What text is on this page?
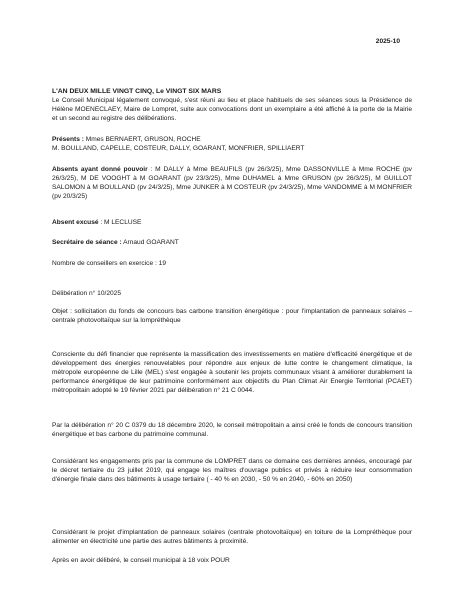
2025-10

L'AN DEUX MILLE VINGT CINQ, Le VINGT SIX MARS
Le Conseil Municipal légalement convoqué, s'est réuni au lieu et place habituels de ses séances sous la Présidence de Hélène MOENECLAEY, Maire de Lompret, suite aux convocations dont un exemplaire a été affiché à la porte de la Mairie et un second au registre des délibérations.

Présents : Mmes BERNAERT, GRUSON, ROCHE
M. BOULLAND, CAPELLE, COSTEUR, DALLY, GOARANT, MONFRIER, SPILLIAERT

Absents ayant donné pouvoir : M DALLY à Mme BEAUFILS (pv 26/3/25), Mme DASSONVILLE à Mme ROCHE (pv 26/3/25), M DE VOOGHT à M GOARANT (pv 23/3/25), Mme DUHAMEL à Mme GRUSON (pv 26/3/25), M GUILLOT SALOMON à M BOULLAND (pv 24/3/25), Mme JUNKER à M COSTEUR (pv 24/3/25), Mme VANDOMME à M MONFRIER (pv 20/3/25)

Absent excusé : M LECLUSE

Secrétaire de séance : Arnaud GOARANT

Nombre de conseillers en exercice : 19

Délibération n° 10/2025

Objet : sollicitation du fonds de concours bas carbone transition énergétique : pour l'implantation de panneaux solaires – centrale photovoltaïque sur la lompréthèque

Consciente du défi financier que représente la massification des investissements en matière d'efficacité énergétique et de développement des énergies renouvelables pour répondre aux enjeux de lutte contre le changement climatique, la métropole européenne de Lille (MEL) s'est engagée à soutenir les projets communaux visant à améliorer durablement la performance énergétique de leur patrimoine conformément aux objectifs du Plan Climat Air Energie Territorial (PCAET) métropolitain adopté le 19 février 2021 par délibération n° 21 C 0044.

Par la délibération n° 20 C 0379 du 18 décembre 2020, le conseil métropolitain a ainsi créé le fonds de concours transition énergétique et bas carbone du patrimoine communal.

Considérant les engagements pris par la commune de LOMPRET dans ce domaine ces dernières années, encouragé par le décret tertiaire du 23 juillet 2019, qui engage les maîtres d'ouvrage publics et privés à réduire leur consommation d'énergie finale dans des bâtiments à usage tertiaire ( - 40 % en 2030, - 50 % en 2040, - 60% en 2050)

Considérant le projet d'implantation de panneaux solaires (centrale photovoltaïque) en toiture de la Lompréthèque pour alimenter en électricité une partie des autres bâtiments à proximité.

Après en avoir délibéré, le conseil municipal à 18 voix POUR
